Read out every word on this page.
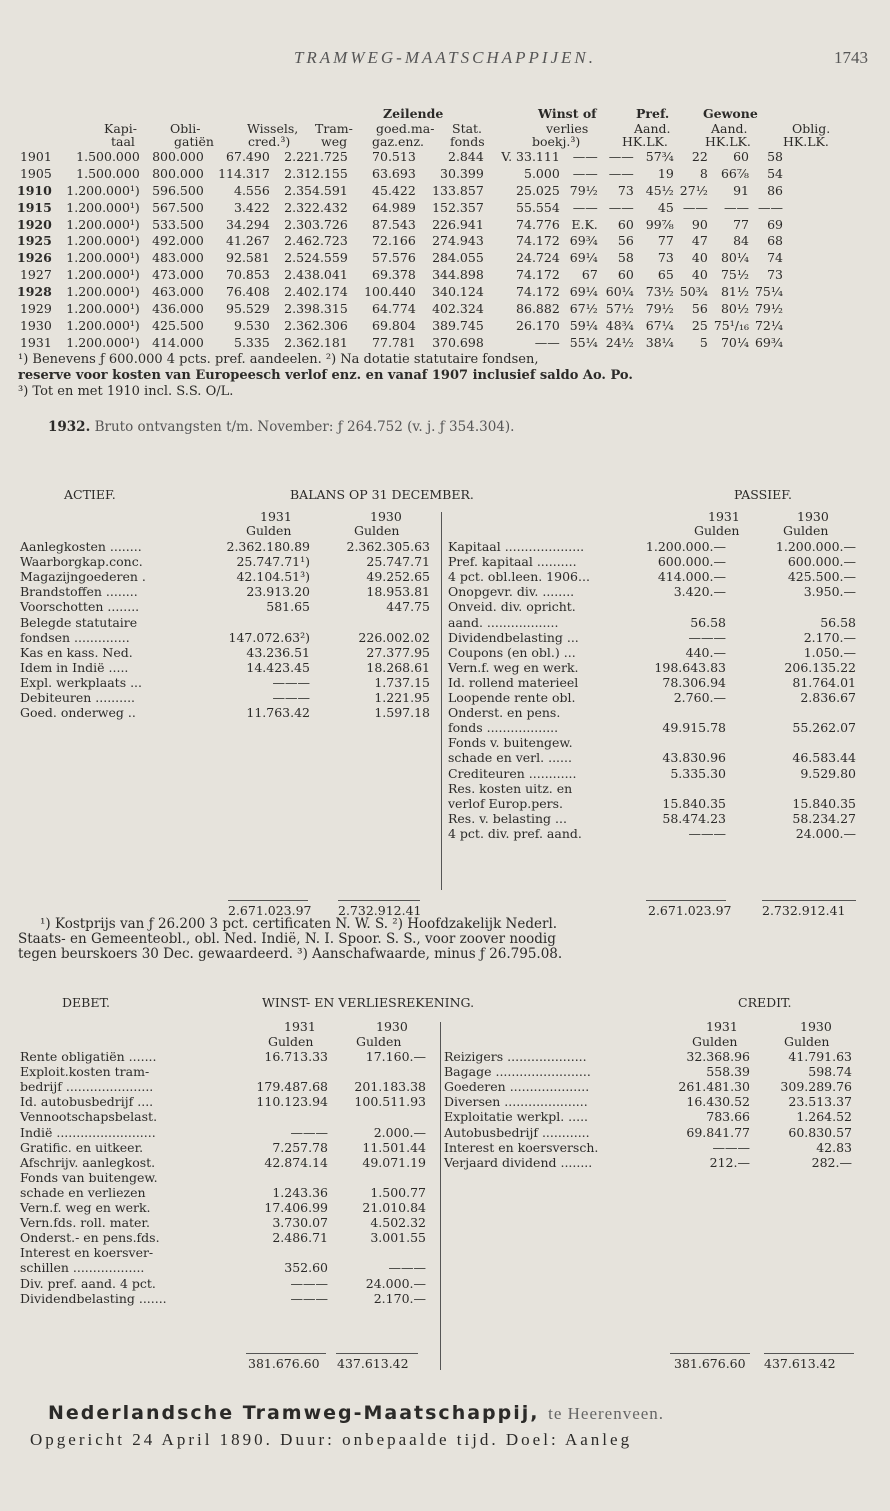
TRAMWEG-MAATSCHAPPIJEN.	1743
Zeilende	Winst of	Pref.	Gewone
Kapi-	Obli-	Wissels, Tram- goed.ma- Stat.	verlies	Aand.	Aand.	Oblig.
taal	gatiën	cred.³) weg gaz.enz. fonds	boekj.³)	HK.LK.	HK.LK.	HK.LK.
1901	1.500.000	800.000	67.490	2.221.725	70.513	2.844	V. 33.111	——	——	57¾	22	60	58
1905	1.500.000	800.000	114.317	2.312.155	63.693	30.399	5.000	——	——	19	8	66⅞	54
1910	1.200.000¹)	596.500	4.556	2.354.591	45.422	133.857	25.025	79½	73	45½	27½	91	86
1915	1.200.000¹)	567.500	3.422	2.322.432	64.989	152.357	55.554	——	——	45	——	——	——
1920	1.200.000¹)	533.500	34.294	2.303.726	87.543	226.941	74.776	E.K.	60	99⅞	90	77	69
1925	1.200.000¹)	492.000	41.267	2.462.723	72.166	274.943	74.172	69¾	56	77	47	84	68
1926	1.200.000¹)	483.000	92.581	2.524.559	57.576	284.055	24.724	69¼	58	73	40	80¼	74
1927	1.200.000¹)	473.000	70.853	2.438.041	69.378	344.898	74.172	67	60	65	40	75½	73
1928	1.200.000¹)	463.000	76.408	2.402.174	100.440	340.124	74.172	69¼	60¼	73½	50¾	81½	75¼
1929	1.200.000¹)	436.000	95.529	2.398.315	64.774	402.324	86.882	67½	57½	79½	56	80½	79½
1930	1.200.000¹)	425.500	9.530	2.362.306	69.804	389.745	26.170	59¼	48¾	67¼	25	75¹/₁₆	72¼
1931	1.200.000¹)	414.000	5.335	2.362.181	77.781	370.698	——	55¼	24½	38¼	5	70¼	69¾
¹) Benevens ƒ 600.000 4 pcts. pref. aandeelen. ²) Na dotatie statutaire fondsen,
reserve voor kosten van Europeesch verlof enz. en vanaf 1907 inclusief saldo Ao. Po.
³) Tot en met 1910 incl. S.S. O/L.
1932. Bruto ontvangsten t/m. November: ƒ 264.752 (v. j. ƒ 354.304).
ACTIEF.	BALANS OP 31 DECEMBER.	PASSIEF.
1931	1930
Gulden	Gulden
1931	1930
Gulden	Gulden
Aanlegkosten ........	2.362.180.89	2.362.305.63
Waarborgkap.conc.	25.747.71¹)	25.747.71
Magazijngoederen .	42.104.51³)	49.252.65
Brandstoffen ........	23.913.20	18.953.81
Voorschotten ........	581.65	447.75
Belegde statutaire
fondsen ..............	147.072.63²)	226.002.02
Kas en kass. Ned.	43.236.51	27.377.95
Idem in Indië .....	14.423.45	18.268.61
Expl. werkplaats ...	———	1.737.15
Debiteuren ..........	———	1.221.95
Goed. onderweg ..	11.763.42	1.597.18
Kapitaal ....................	1.200.000.—	1.200.000.—
Pref. kapitaal ..........	600.000.—	600.000.—
4 pct. obl.leen. 1906...	414.000.—	425.500.—
Onopgevr. div. ........	3.420.—	3.950.—
Onveid. div. opricht.
aand. ..................	56.58	56.58
Dividendbelasting ...	———	2.170.—
Coupons (en obl.) ...	440.—	1.050.—
Vern.f. weg en werk.	198.643.83	206.135.22
Id. rollend materieel	78.306.94	81.764.01
Loopende rente obl.	2.760.—	2.836.67
Onderst. en pens.
fonds ..................	49.915.78	55.262.07
Fonds v. buitengew.
schade en verl. ......	43.830.96	46.583.44
Crediteuren ............	5.335.30	9.529.80
Res. kosten uitz. en
verlof Europ.pers.	15.840.35	15.840.35
Res. v. belasting ...	58.474.23	58.234.27
4 pct. div. pref. aand.	———	24.000.—
2.671.023.97 2.732.912.41	2.671.023.97 2.732.912.41
¹) Kostprijs van ƒ 26.200 3 pct. certificaten N. W. S. ²) Hoofdzakelijk Nederl.
Staats- en Gemeenteobl., obl. Ned. Indië, N. I. Spoor. S. S., voor zoover noodig
tegen beurskoers 30 Dec. gewaardeerd. ³) Aanschafwaarde, minus ƒ 26.795.08.
DEBET.	WINST- EN VERLIESREKENING.	CREDIT.
1931	1930
Gulden	Gulden
1931	1930
Gulden	Gulden
Rente obligatiën .......	16.713.33	17.160.—
Exploit.kosten tram-
bedrijf ......................	179.487.68 201.183.38
Id. autobusbedrijf ....	110.123.94 100.511.93
Vennootschapsbelast.
Indië .........................	———	2.000.—
Gratific. en uitkeer.	7.257.78	11.501.44
Afschrijv. aanlegkost.	42.874.14	49.071.19
Fonds van buitengew.
schade en verliezen	1.243.36	1.500.77
Vern.f. weg en werk.	17.406.99	21.010.84
Vern.fds. roll. mater.	3.730.07	4.502.32
Onderst.- en pens.fds.	2.486.71	3.001.55
Interest en koersver-
schillen ..................	352.60	———
Div. pref. aand. 4 pct.	———	24.000.—
Dividendbelasting .......	———	2.170.—
Reizigers ....................	32.368.96	41.791.63
Bagage ........................	558.39	598.74
Goederen ....................	261.481.30 309.289.76
Diversen .....................	16.430.52	23.513.37
Exploitatie werkpl. .....	783.66	1.264.52
Autobusbedrijf ............	69.841.77	60.830.57
Interest en koersversch.	———	42.83
Verjaard dividend ........	212.—	282.—
381.676.60 437.613.42	381.676.60 437.613.42
Nederlandsche Tramweg-Maatschappij, te Heerenveen.
Opgericht 24 April 1890. Duur: onbepaalde tijd. Doel: Aanleg
